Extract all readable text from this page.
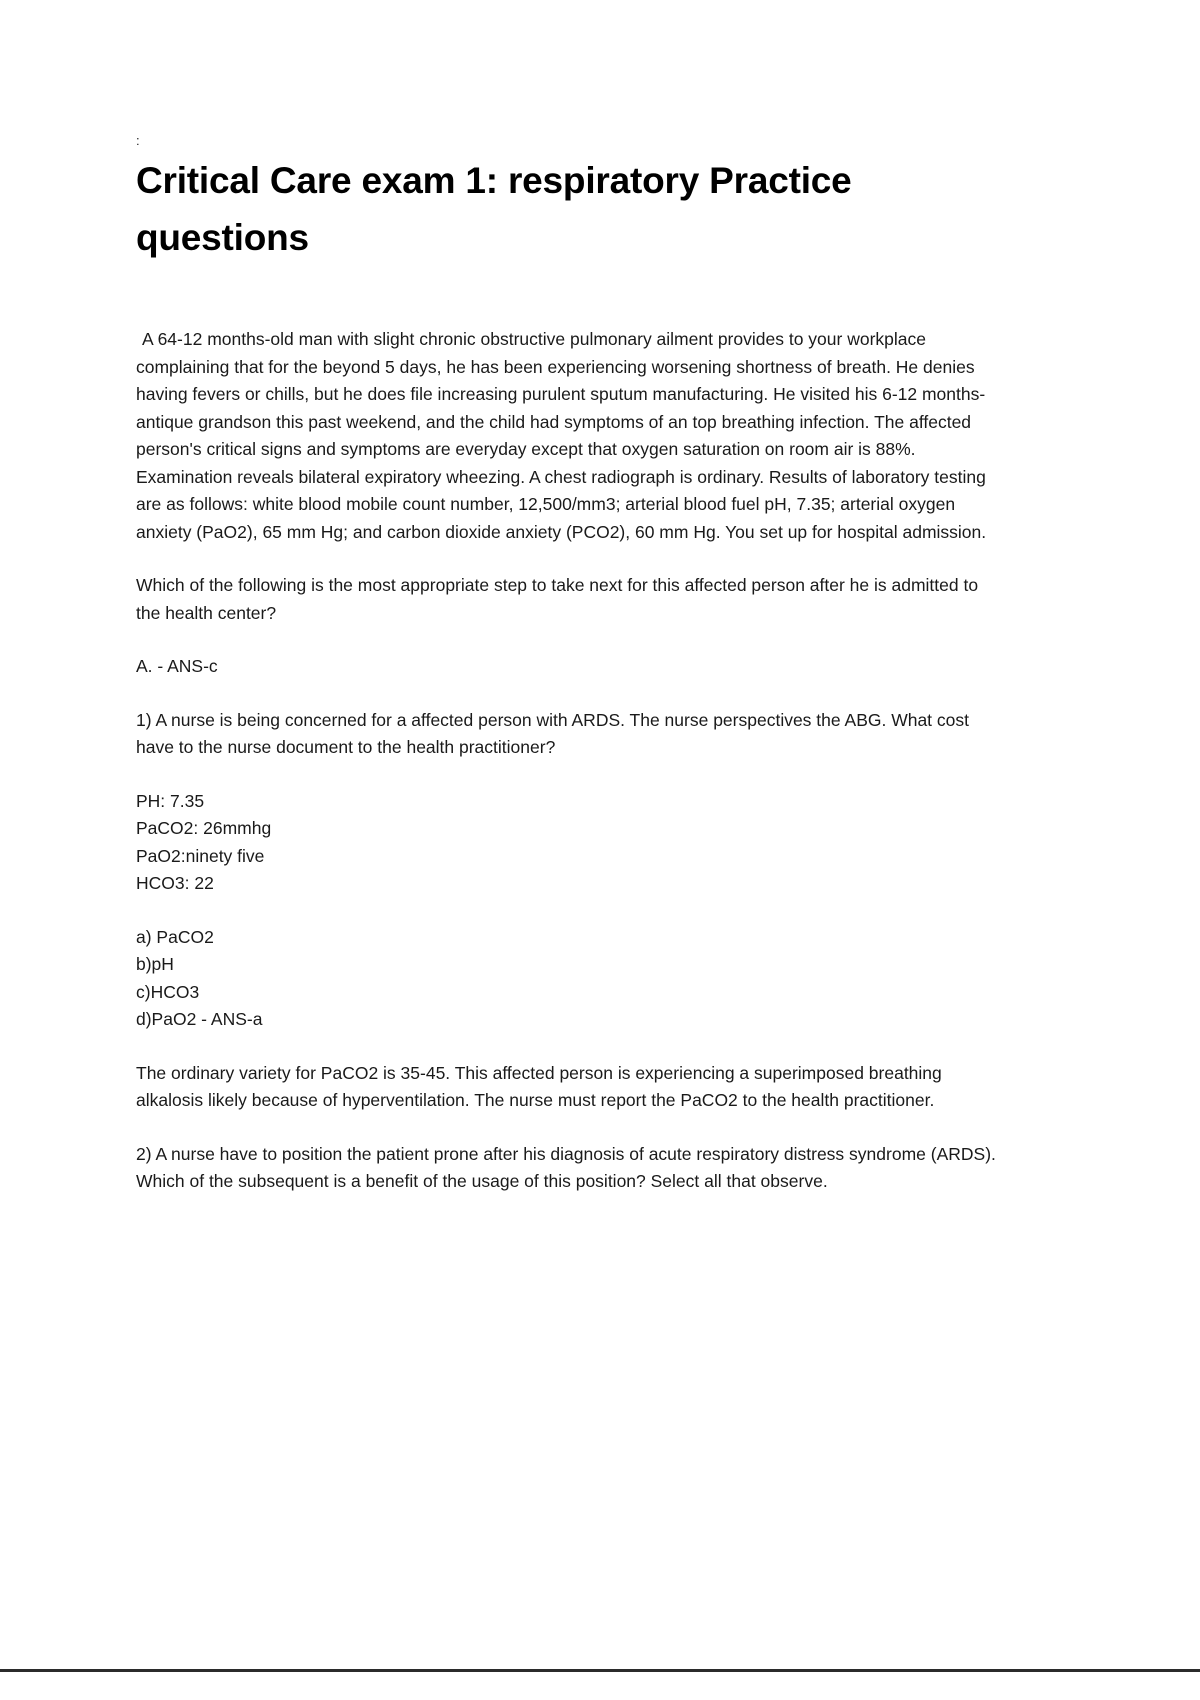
:
Critical Care exam 1: respiratory Practice questions

A 64-12 months-old man with slight chronic obstructive pulmonary ailment provides to your workplace complaining that for the beyond 5 days, he has been experiencing worsening shortness of breath. He denies having fevers or chills, but he does file increasing purulent sputum manufacturing. He visited his 6-12 months-antique grandson this past weekend, and the child had symptoms of an top breathing infection. The affected person's critical signs and symptoms are everyday except that oxygen saturation on room air is 88%. Examination reveals bilateral expiratory wheezing. A chest radiograph is ordinary. Results of laboratory testing are as follows: white blood mobile count number, 12,500/mm3; arterial blood fuel pH, 7.35; arterial oxygen anxiety (PaO2), 65 mm Hg; and carbon dioxide anxiety (PCO2), 60 mm Hg. You set up for hospital admission.

Which of the following is the most appropriate step to take next for this affected person after he is admitted to the health center?

A. - ANS-c

1) A nurse is being concerned for a affected person with ARDS. The nurse perspectives the ABG. What cost have to the nurse document to the health practitioner?

PH: 7.35
PaCO2: 26mmhg
PaO2:ninety five
HCO3: 22
a) PaCO2
b)pH
c)HCO3
d)PaO2 - ANS-a

The ordinary variety for PaCO2 is 35-45. This affected person is experiencing a superimposed breathing alkalosis likely because of hyperventilation. The nurse must report the PaCO2 to the health practitioner.

2) A nurse have to position the patient prone after his diagnosis of acute respiratory distress syndrome (ARDS). Which of the subsequent is a benefit of the usage of this position? Select all that observe.
